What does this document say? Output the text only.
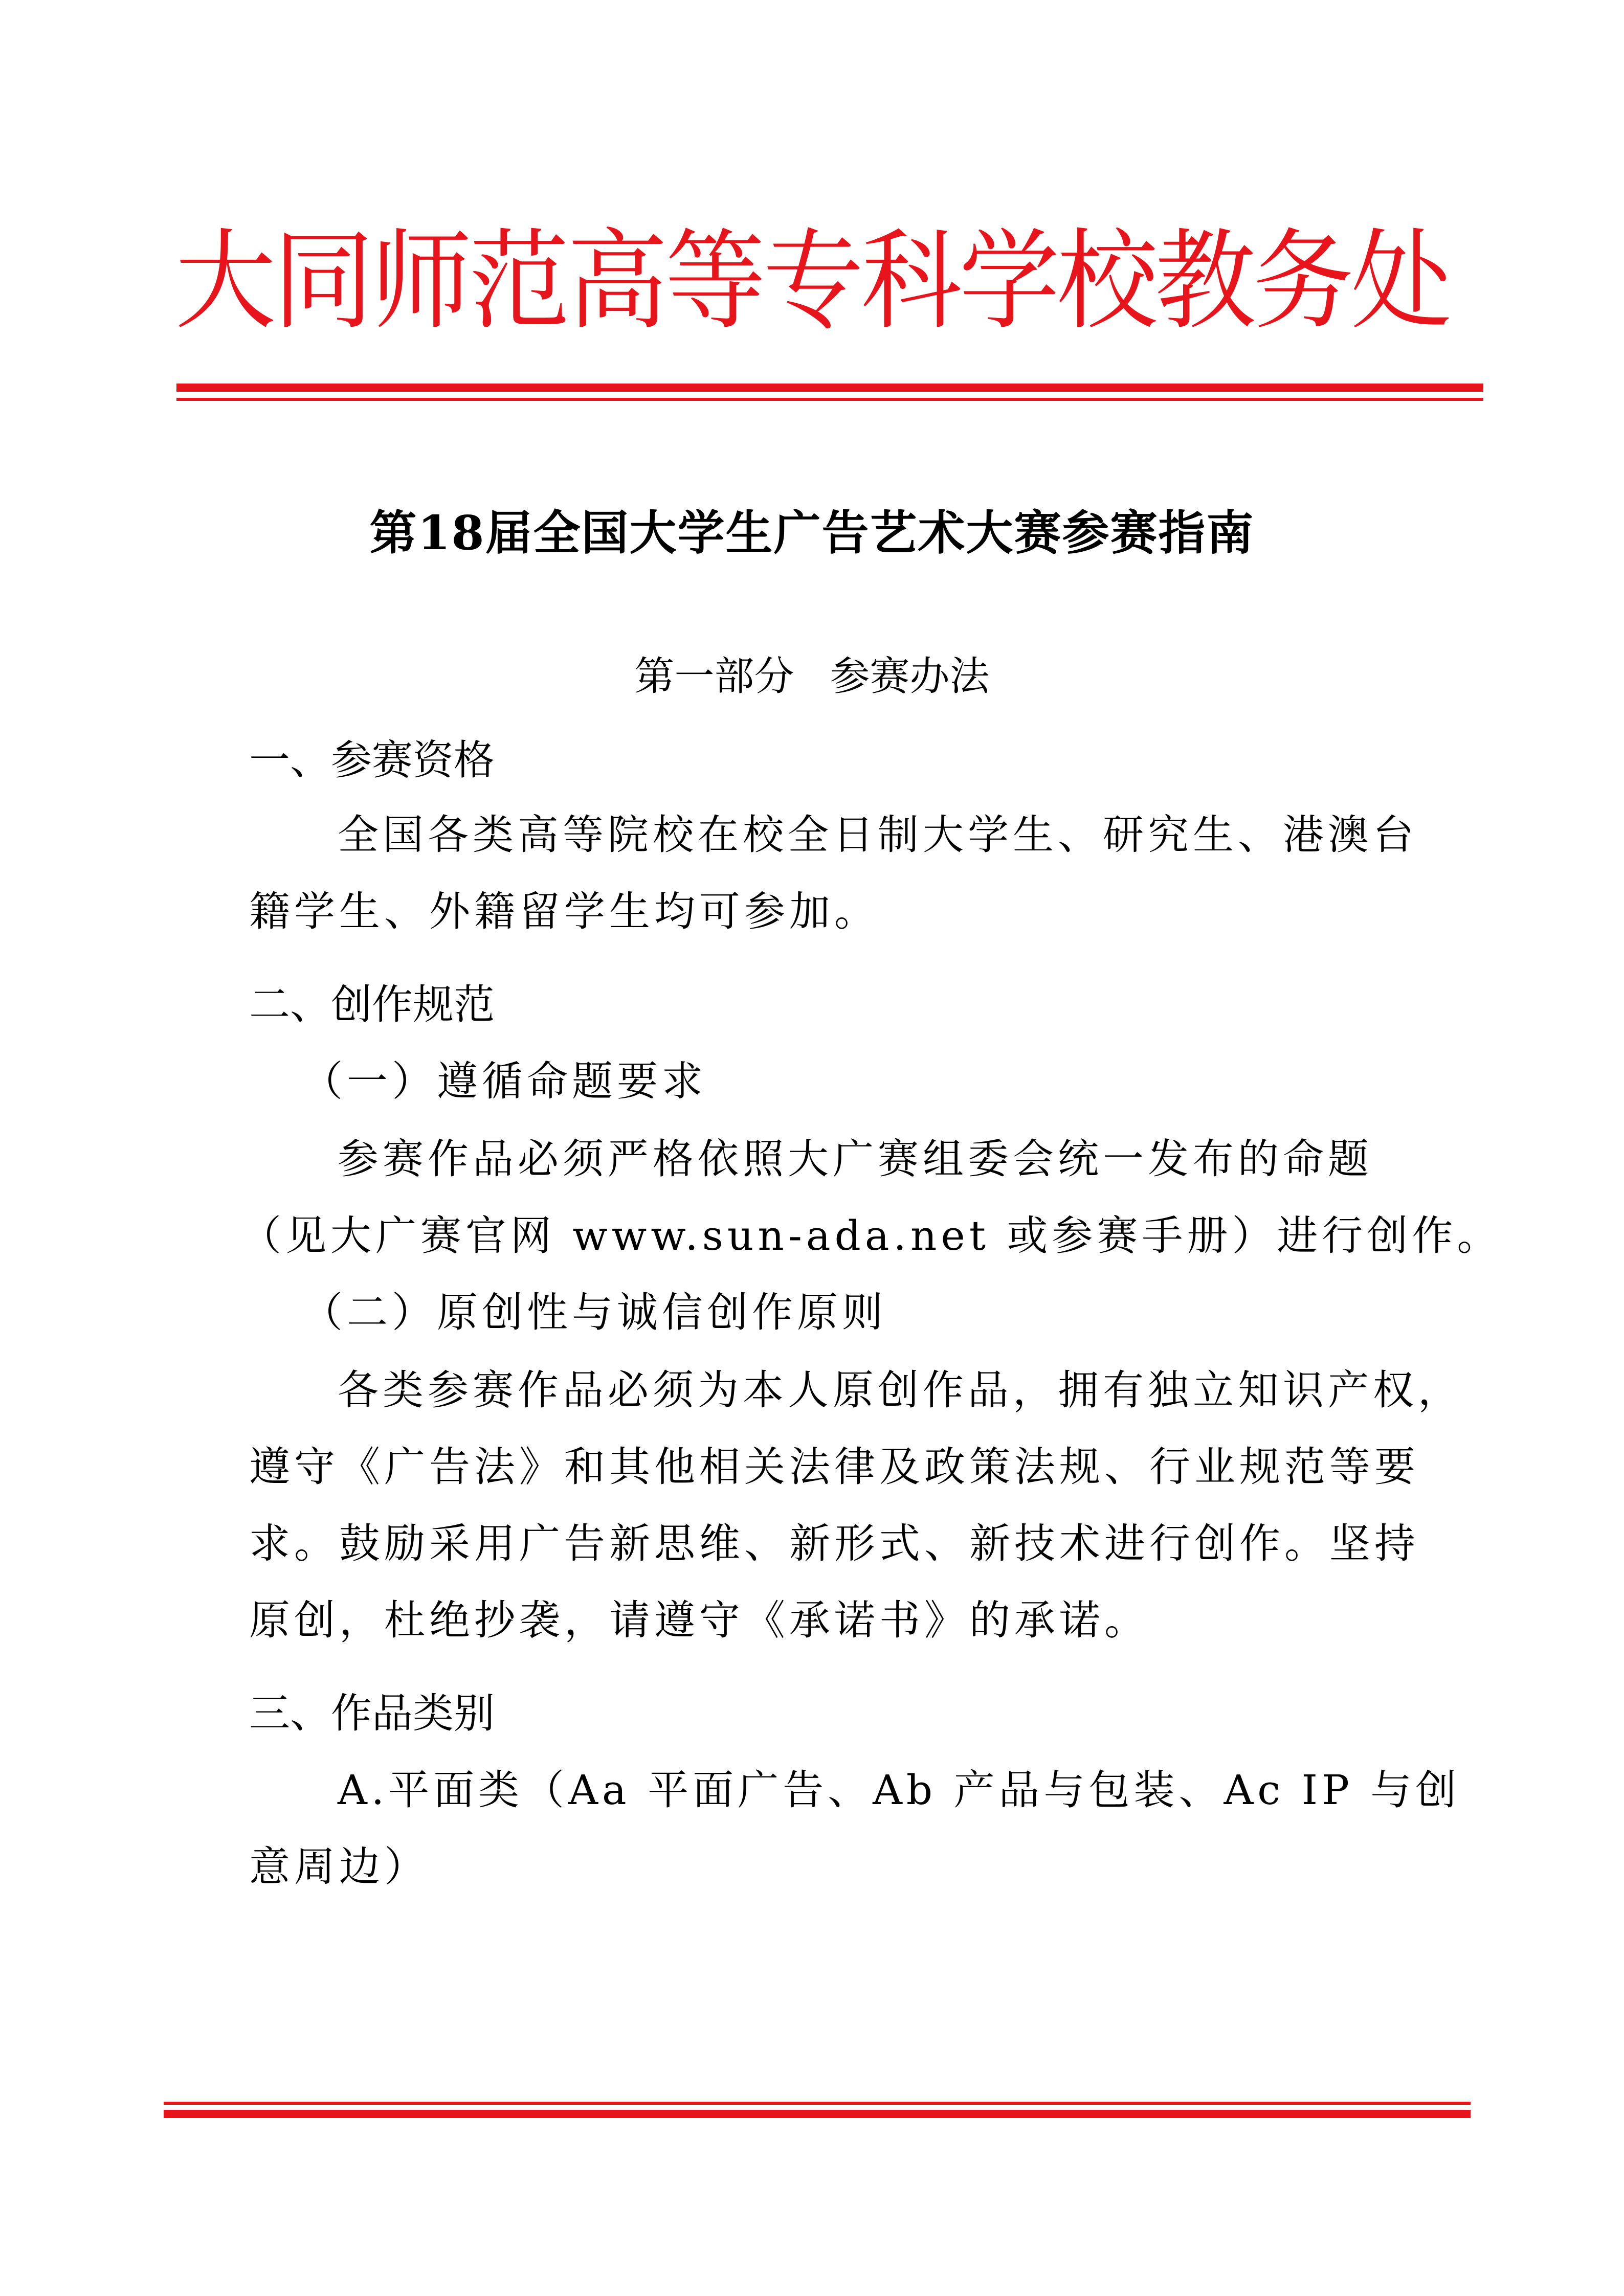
大同师范高等专科学校教务处
第18届全国大学生广告艺术大赛参赛指南
第一部分 参赛办法
一、参赛资格
全国各类高等院校在校全日制大学生、研究生、港澳台
籍学生、外籍留学生均可参加。
二、创作规范
（一）遵循命题要求
参赛作品必须严格依照大广赛组委会统一发布的命题
（见大广赛官网 www.sun-ada.net 或参赛手册）进行创作。
（二）原创性与诚信创作原则
各类参赛作品必须为本人原创作品，拥有独立知识产权，
遵守《广告法》和其他相关法律及政策法规、行业规范等要
求。鼓励采用广告新思维、新形式、新技术进行创作。坚持
原创，杜绝抄袭，请遵守《承诺书》的承诺。
三、作品类别
A.平面类（Aa 平面广告、Ab 产品与包装、Ac IP 与创
意周边）
